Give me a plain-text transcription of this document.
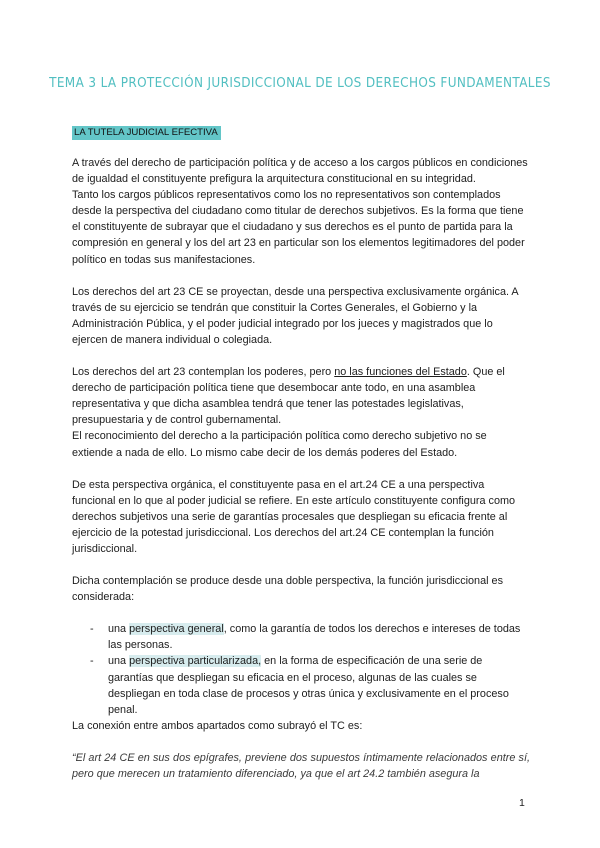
TEMA 3 LA PROTECCIÓN JURISDICCIONAL DE LOS DERECHOS FUNDAMENTALES
LA TUTELA JUDICIAL EFECTIVA

A través del derecho de participación política y de acceso a los cargos públicos en condiciones de igualdad el constituyente prefigura la arquitectura constitucional en su integridad.

Tanto los cargos públicos representativos como los no representativos son contemplados desde la perspectiva del ciudadano como titular de derechos subjetivos. Es la forma que tiene el constituyente de subrayar que el ciudadano y sus derechos es el punto de partida para la compresión en general y los del art 23 en particular son los elementos legitimadores del poder político en todas sus manifestaciones.

Los derechos del art 23 CE se proyectan, desde una perspectiva exclusivamente orgánica. A través de su ejercicio se tendrán que constituir la Cortes Generales, el Gobierno y la Administración Pública, y el poder judicial integrado por los jueces y magistrados que lo ejercen de manera individual o colegiada.

Los derechos del art 23 contemplan los poderes, pero no las funciones del Estado. Que el derecho de participación política tiene que desembocar ante todo, en una asamblea representativa y que dicha asamblea tendrá que tener las potestades legislativas, presupuestaria y de control gubernamental.

El reconocimiento del derecho a la participación política como derecho subjetivo no se extiende a nada de ello. Lo mismo cabe decir de los demás poderes del Estado.

De esta perspectiva orgánica, el constituyente pasa en el art.24 CE a una perspectiva funcional en lo que al poder judicial se refiere. En este artículo constituyente configura como derechos subjetivos una serie de garantías procesales que despliegan su eficacia frente al ejercicio de la potestad jurisdiccional. Los derechos del art.24 CE contemplan la función jurisdiccional.

Dicha contemplación se produce desde una doble perspectiva, la función jurisdiccional es considerada:

- una perspectiva general, como la garantía de todos los derechos e intereses de todas las personas.
- una perspectiva particularizada, en la forma de especificación de una serie de garantías que despliegan su eficacia en el proceso, algunas de las cuales se despliegan en toda clase de procesos y otras única y exclusivamente en el proceso penal.

La conexión entre ambos apartados como subrayó el TC es:

“El art 24 CE en sus dos epígrafes, previene dos supuestos íntimamente relacionados entre sí, pero que merecen un tratamiento diferenciado, ya que el art 24.2 también asegura la

1
